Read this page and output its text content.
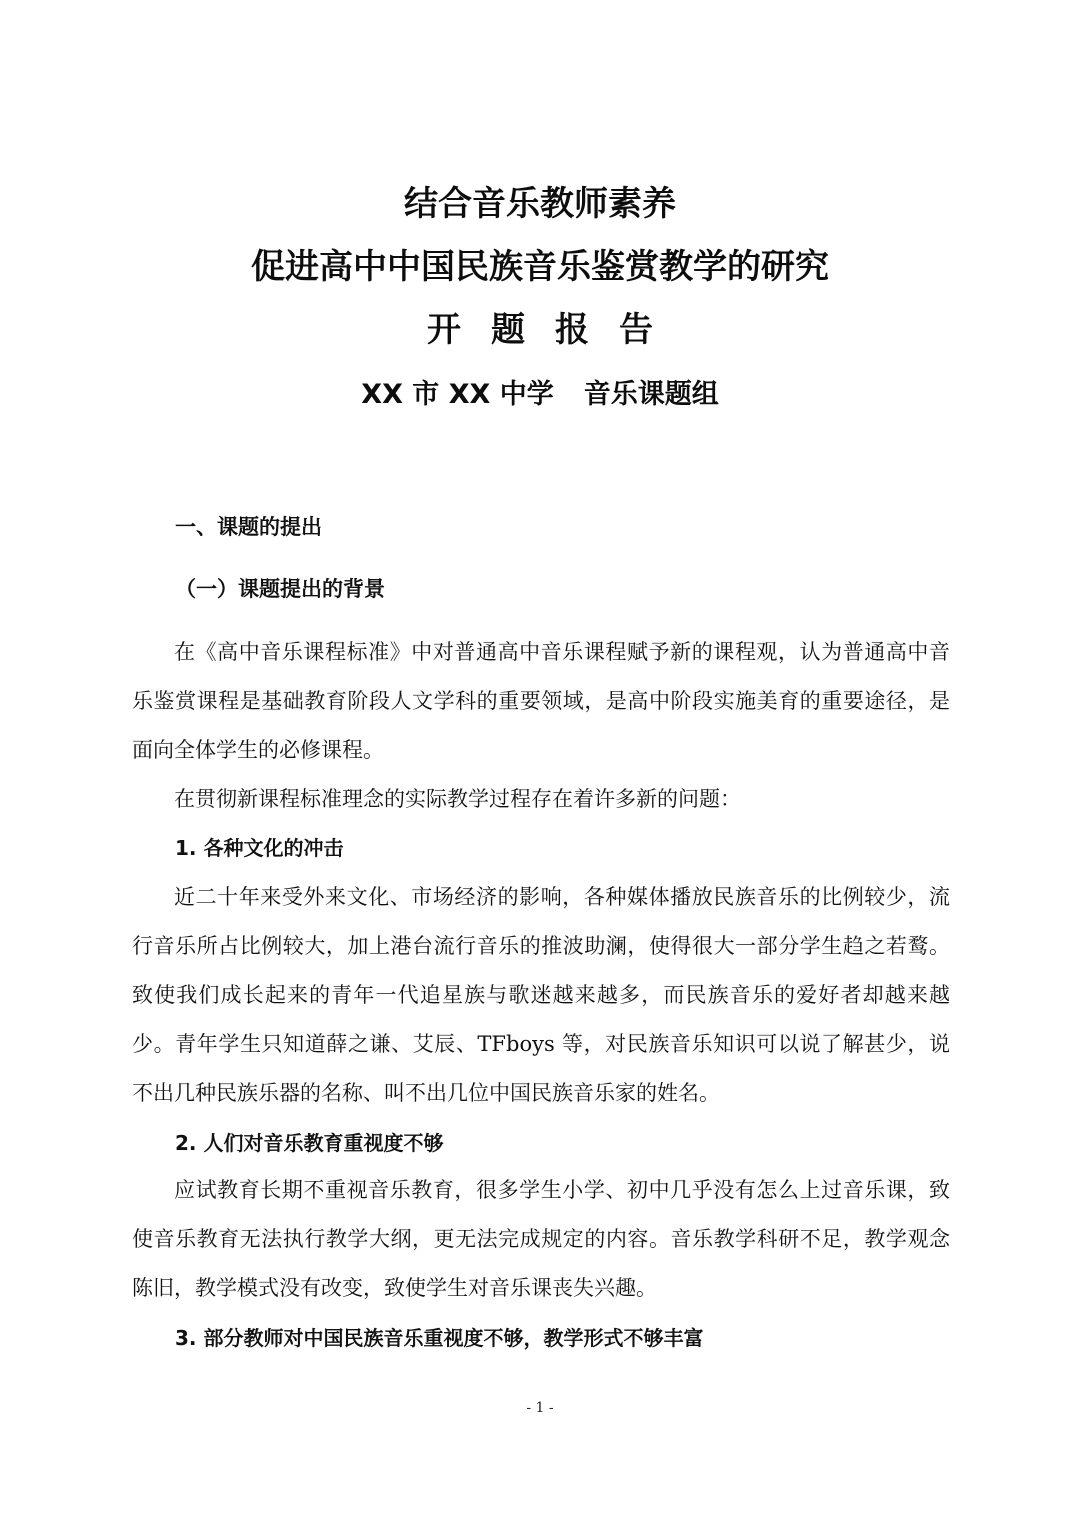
结合音乐教师素养
促进高中中国民族音乐鉴赏教学的研究
开题报告
XX 市 XX 中学 音乐课题组
一、课题的提出
（一）课题提出的背景

在《高中音乐课程标准》中对普通高中音乐课程赋予新的课程观，认为普通高中音乐鉴赏课程是基础教育阶段人文学科的重要领域，是高中阶段实施美育的重要途径，是面向全体学生的必修课程。

在贯彻新课程标准理念的实际教学过程存在着许多新的问题：

1. 各种文化的冲击

近二十年来受外来文化、市场经济的影响，各种媒体播放民族音乐的比例较少，流行音乐所占比例较大，加上港台流行音乐的推波助澜，使得很大一部分学生趋之若鹜。致使我们成长起来的青年一代追星族与歌迷越来越多，而民族音乐的爱好者却越来越少。青年学生只知道薛之谦、艾辰、TFboys 等，对民族音乐知识可以说了解甚少，说不出几种民族乐器的名称、叫不出几位中国民族音乐家的姓名。

2. 人们对音乐教育重视度不够

应试教育长期不重视音乐教育，很多学生小学、初中几乎没有怎么上过音乐课，致使音乐教育无法执行教学大纲，更无法完成规定的内容。音乐教学科研不足，教学观念陈旧，教学模式没有改变，致使学生对音乐课丧失兴趣。

3. 部分教师对中国民族音乐重视度不够，教学形式不够丰富
- 1 -
